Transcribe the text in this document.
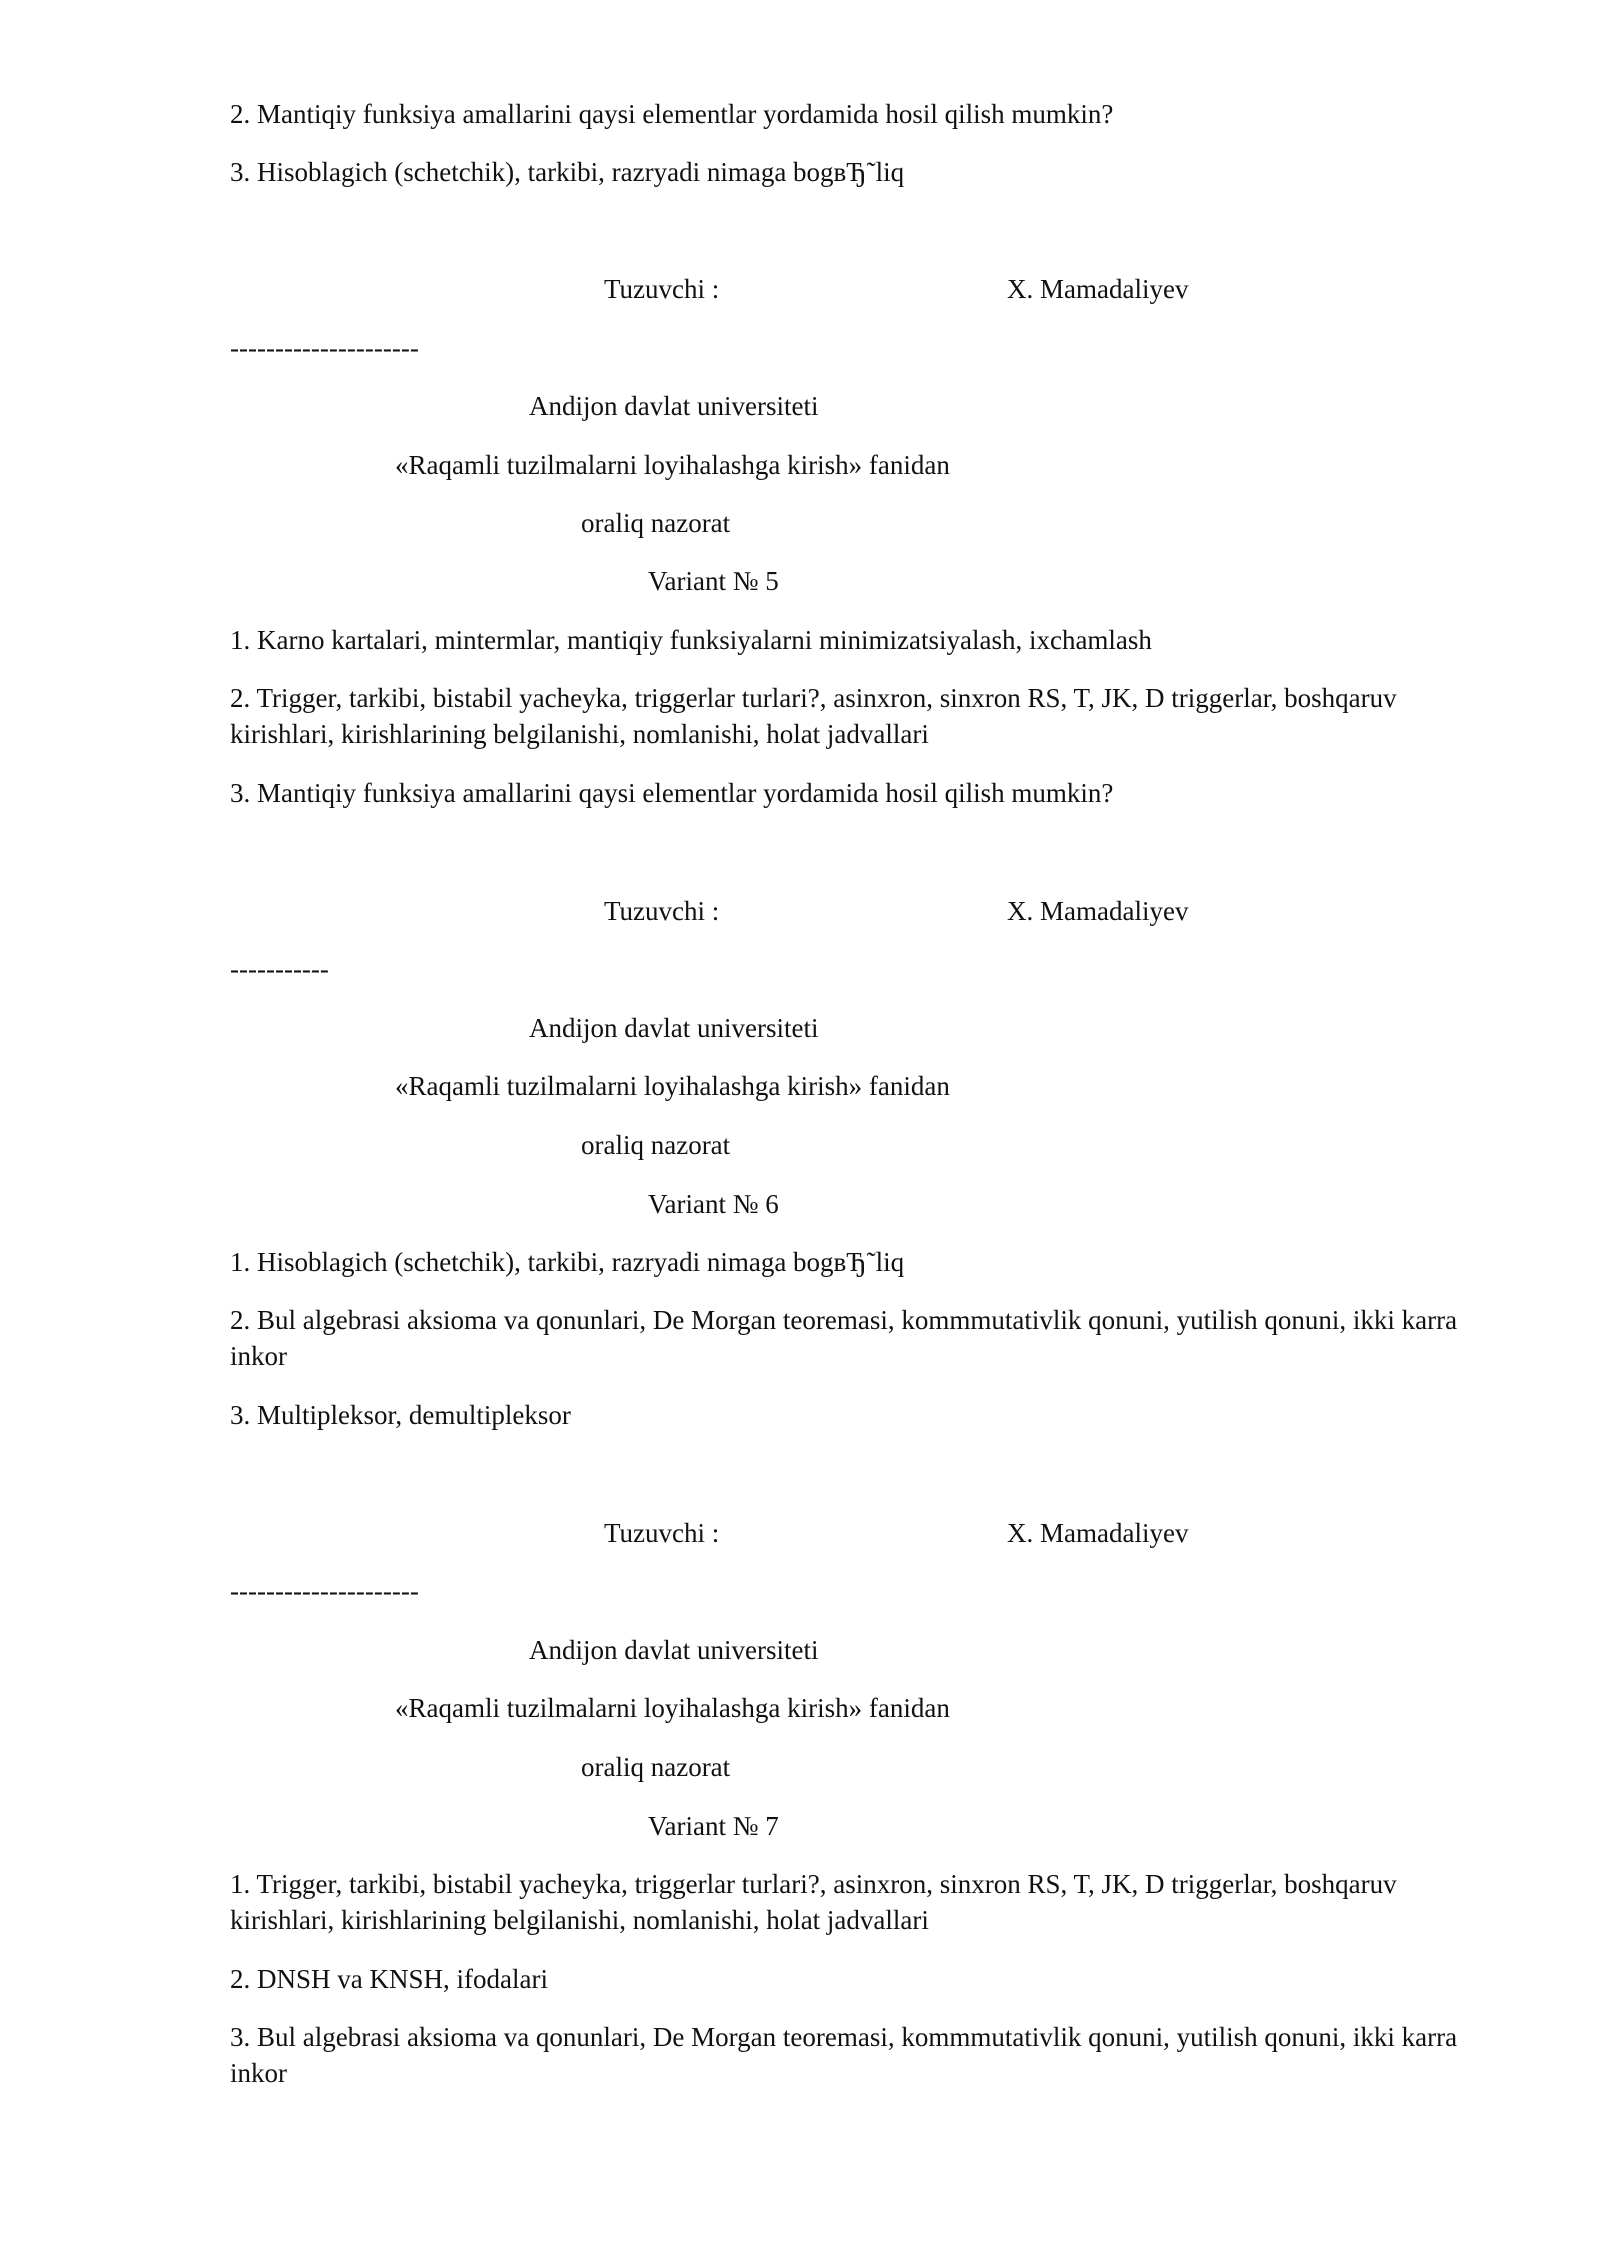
2. Mantiqiy funksiya amallarini qaysi elementlar yordamida hosil qilish mumkin?
3. Hisoblagich (schetchik), tarkibi, razryadi nimaga bogвЂ˜liq
Tuzuvchi :	X. Mamadaliyev
---------------------
Andijon davlat universiteti
«Raqamli tuzilmalarni loyihalashga kirish» fanidan
oraliq nazorat
Variant № 5
1. Karno kartalari, mintermlar, mantiqiy funksiyalarni minimizatsiyalash, ixchamlash
2. Trigger, tarkibi, bistabil yacheyka, triggerlar turlari?, asinxron, sinxron RS, T, JK, D triggerlar, boshqaruv kirishlari, kirishlarining belgilanishi, nomlanishi, holat jadvallari
3. Mantiqiy funksiya amallarini qaysi elementlar yordamida hosil qilish mumkin?
Tuzuvchi :	X. Mamadaliyev
-----------
Andijon davlat universiteti
«Raqamli tuzilmalarni loyihalashga kirish» fanidan
oraliq nazorat
Variant № 6
1. Hisoblagich (schetchik), tarkibi, razryadi nimaga bogвЂ˜liq
2. Bul algebrasi aksioma va qonunlari, De Morgan teoremasi, kommmutativlik qonuni, yutilish qonuni, ikki karra inkor
3. Multipleksor, demultipleksor
Tuzuvchi :	X. Mamadaliyev
---------------------
Andijon davlat universiteti
«Raqamli tuzilmalarni loyihalashga kirish» fanidan
oraliq nazorat
Variant № 7
1. Trigger, tarkibi, bistabil yacheyka, triggerlar turlari?, asinxron, sinxron RS, T, JK, D triggerlar, boshqaruv kirishlari, kirishlarining belgilanishi, nomlanishi, holat jadvallari
2. DNSH va KNSH, ifodalari
3. Bul algebrasi aksioma va qonunlari, De Morgan teoremasi, kommmutativlik qonuni, yutilish qonuni, ikki karra inkor
